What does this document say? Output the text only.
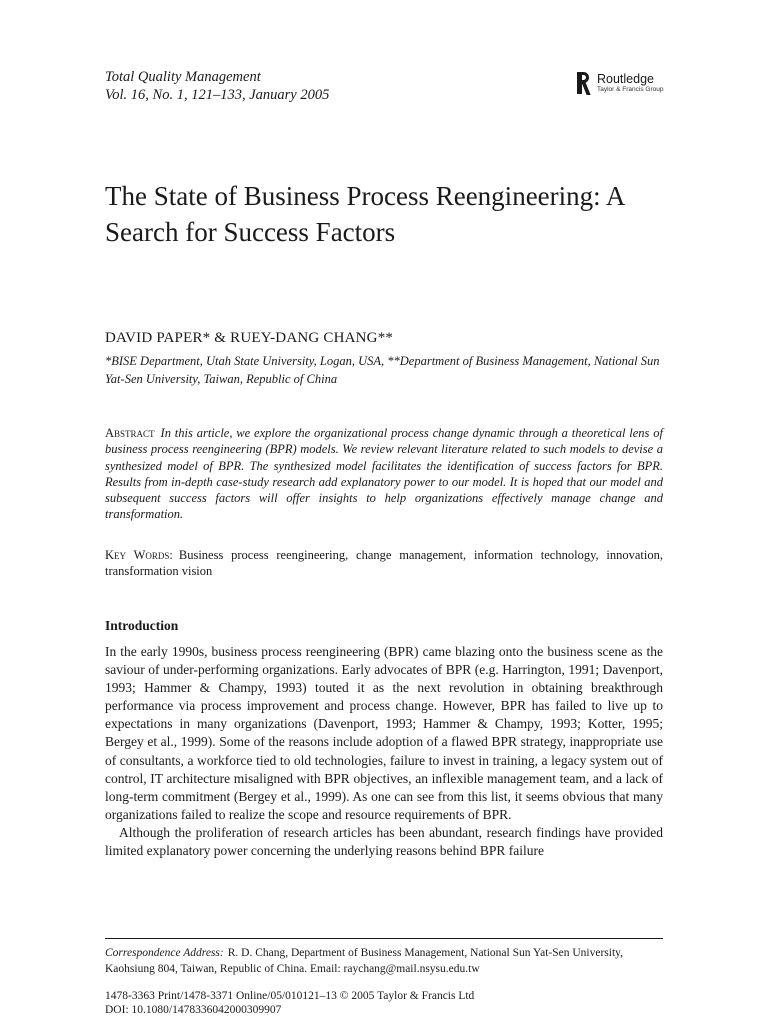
Total Quality Management
Vol. 16, No. 1, 121–133, January 2005
Routledge
Taylor & Francis Group
The State of Business Process Reengineering: A Search for Success Factors
DAVID PAPER* & RUEY-DANG CHANG**
*BISE Department, Utah State University, Logan, USA, **Department of Business Management, National Sun Yat-Sen University, Taiwan, Republic of China
Abstract In this article, we explore the organizational process change dynamic through a theoretical lens of business process reengineering (BPR) models. We review relevant literature related to such models to devise a synthesized model of BPR. The synthesized model facilitates the identification of success factors for BPR. Results from in-depth case-study research add explanatory power to our model. It is hoped that our model and subsequent success factors will offer insights to help organizations effectively manage change and transformation.
Key Words: Business process reengineering, change management, information technology, innovation, transformation vision
Introduction

In the early 1990s, business process reengineering (BPR) came blazing onto the business scene as the saviour of under-performing organizations. Early advocates of BPR (e.g. Harrington, 1991; Davenport, 1993; Hammer & Champy, 1993) touted it as the next revolution in obtaining breakthrough performance via process improvement and process change. However, BPR has failed to live up to expectations in many organizations (Davenport, 1993; Hammer & Champy, 1993; Kotter, 1995; Bergey et al., 1999). Some of the reasons include adoption of a flawed BPR strategy, inappropriate use of consultants, a workforce tied to old technologies, failure to invest in training, a legacy system out of control, IT architecture misaligned with BPR objectives, an inflexible management team, and a lack of long-term commitment (Bergey et al., 1999). As one can see from this list, it seems obvious that many organizations failed to realize the scope and resource requirements of BPR.

Although the proliferation of research articles has been abundant, research findings have provided limited explanatory power concerning the underlying reasons behind BPR failure

Correspondence Address: R. D. Chang, Department of Business Management, National Sun Yat-Sen University, Kaohsiung 804, Taiwan, Republic of China. Email: raychang@mail.nsysu.edu.tw
1478-3363 Print/1478-3371 Online/05/010121–13 © 2005 Taylor & Francis Ltd
DOI: 10.1080/1478336042000309907
